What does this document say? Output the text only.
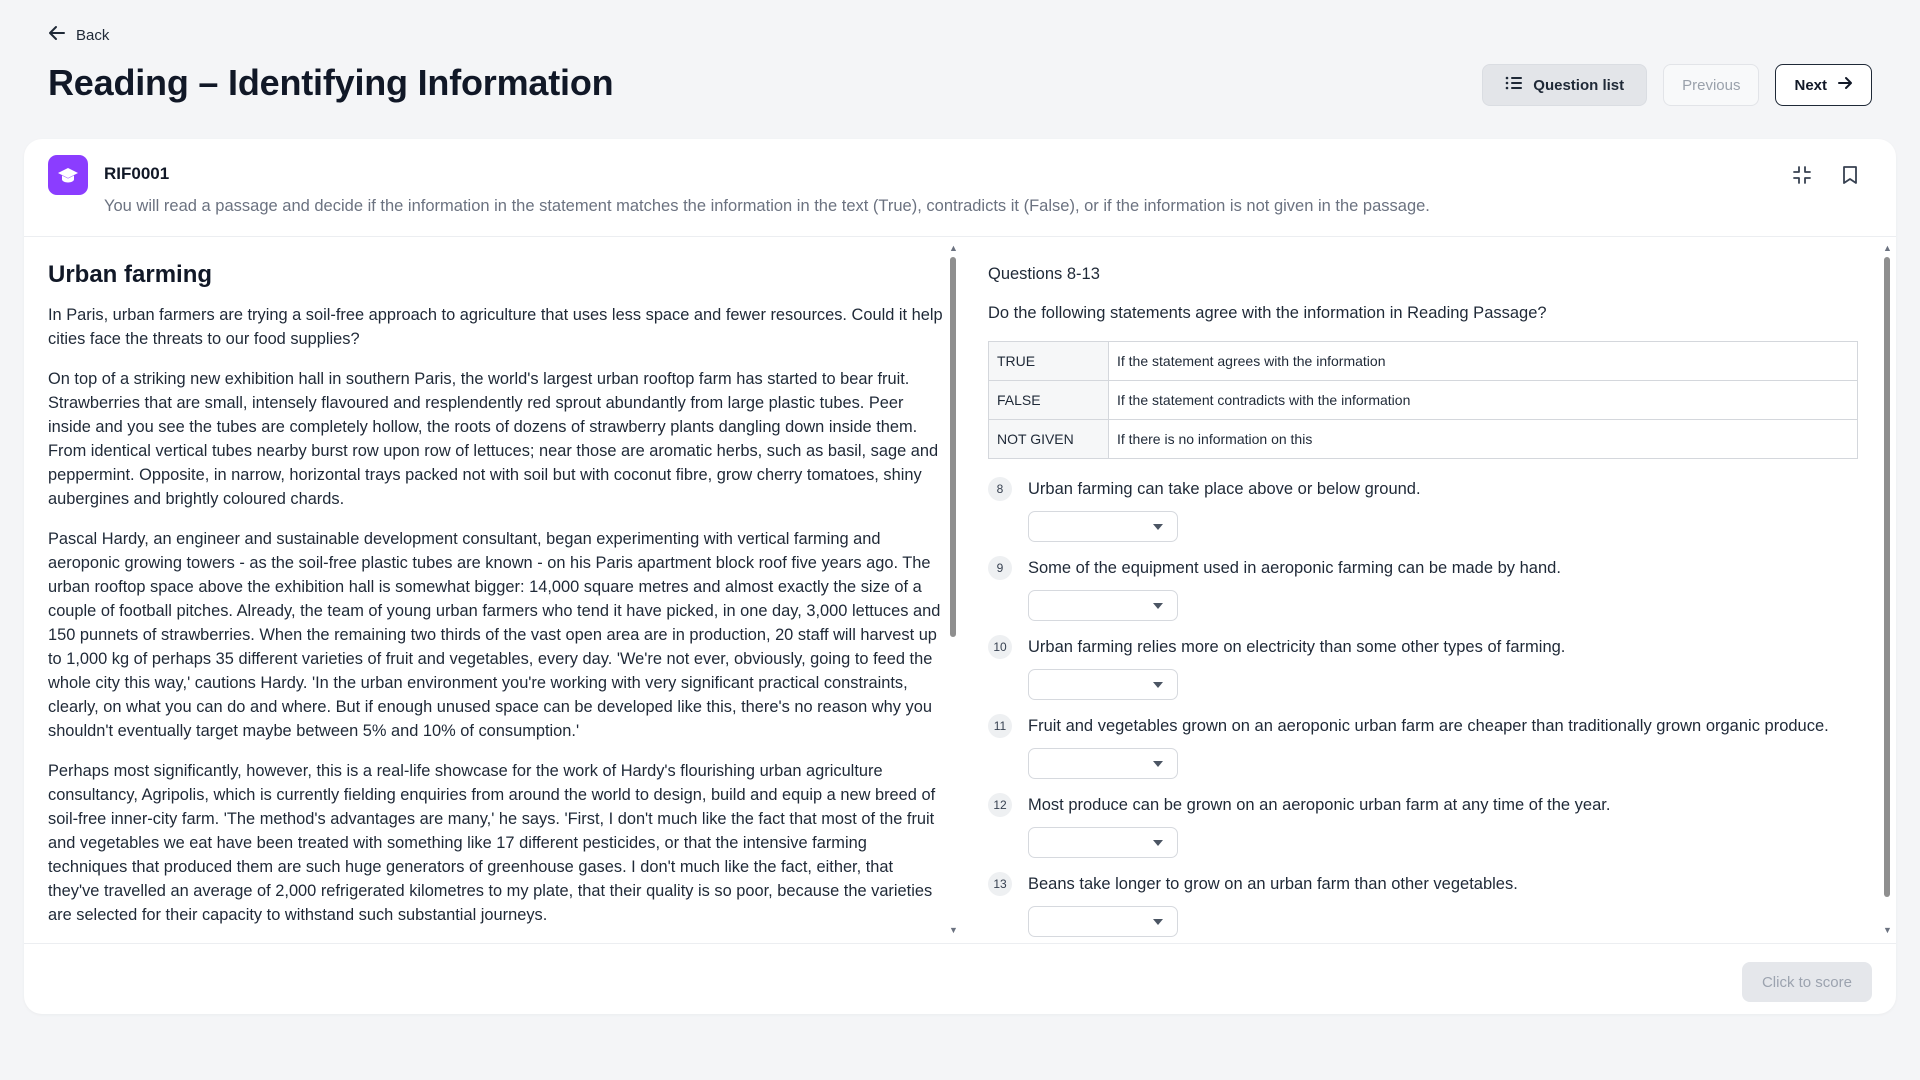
Back
Reading – Identifying Information	Question list	Previous	Next
RIF0001
You will read a passage and decide if the information in the statement matches the information in the text (True), contradicts it (False), or if the information is not given in the passage.
Urban farming

In Paris, urban farmers are trying a soil-free approach to agriculture that uses less space and fewer resources. Could it help cities face the threats to our food supplies?

On top of a striking new exhibition hall in southern Paris, the world's largest urban rooftop farm has started to bear fruit. Strawberries that are small, intensely flavoured and resplendently red sprout abundantly from large plastic tubes. Peer inside and you see the tubes are completely hollow, the roots of dozens of strawberry plants dangling down inside them. From identical vertical tubes nearby burst row upon row of lettuces; near those are aromatic herbs, such as basil, sage and peppermint. Opposite, in narrow, horizontal trays packed not with soil but with coconut fibre, grow cherry tomatoes, shiny aubergines and brightly coloured chards.

Pascal Hardy, an engineer and sustainable development consultant, began experimenting with vertical farming and aeroponic growing towers - as the soil-free plastic tubes are known - on his Paris apartment block roof five years ago. The urban rooftop space above the exhibition hall is somewhat bigger: 14,000 square metres and almost exactly the size of a couple of football pitches. Already, the team of young urban farmers who tend it have picked, in one day, 3,000 lettuces and 150 punnets of strawberries. When the remaining two thirds of the vast open area are in production, 20 staff will harvest up to 1,000 kg of perhaps 35 different varieties of fruit and vegetables, every day. 'We're not ever, obviously, going to feed the whole city this way,' cautions Hardy. 'In the urban environment you're working with very significant practical constraints, clearly, on what you can do and where. But if enough unused space can be developed like this, there's no reason why you shouldn't eventually target maybe between 5% and 10% of consumption.'

Perhaps most significantly, however, this is a real-life showcase for the work of Hardy's flourishing urban agriculture consultancy, Agripolis, which is currently fielding enquiries from around the world to design, build and equip a new breed of soil-free inner-city farm. 'The method's advantages are many,' he says. 'First, I don't much like the fact that most of the fruit and vegetables we eat have been treated with something like 17 different pesticides, or that the intensive farming techniques that produced them are such huge generators of greenhouse gases. I don't much like the fact, either, that they've travelled an average of 2,000 refrigerated kilometres to my plate, that their quality is so poor, because the varieties are selected for their capacity to withstand such substantial journeys.

▲
▼
Questions 8-13
Do the following statements agree with the information in Reading Passage?
TRUE	If the statement agrees with the information
FALSE	If the statement contradicts with the information
NOT GIVEN	If there is no information on this
8	Urban farming can take place above or below ground.
9	Some of the equipment used in aeroponic farming can be made by hand.
10	Urban farming relies more on electricity than some other types of farming.
11	Fruit and vegetables grown on an aeroponic urban farm are cheaper than traditionally grown organic produce.
12	Most produce can be grown on an aeroponic urban farm at any time of the year.
13	Beans take longer to grow on an urban farm than other vegetables.
▲
▼
Click to score
